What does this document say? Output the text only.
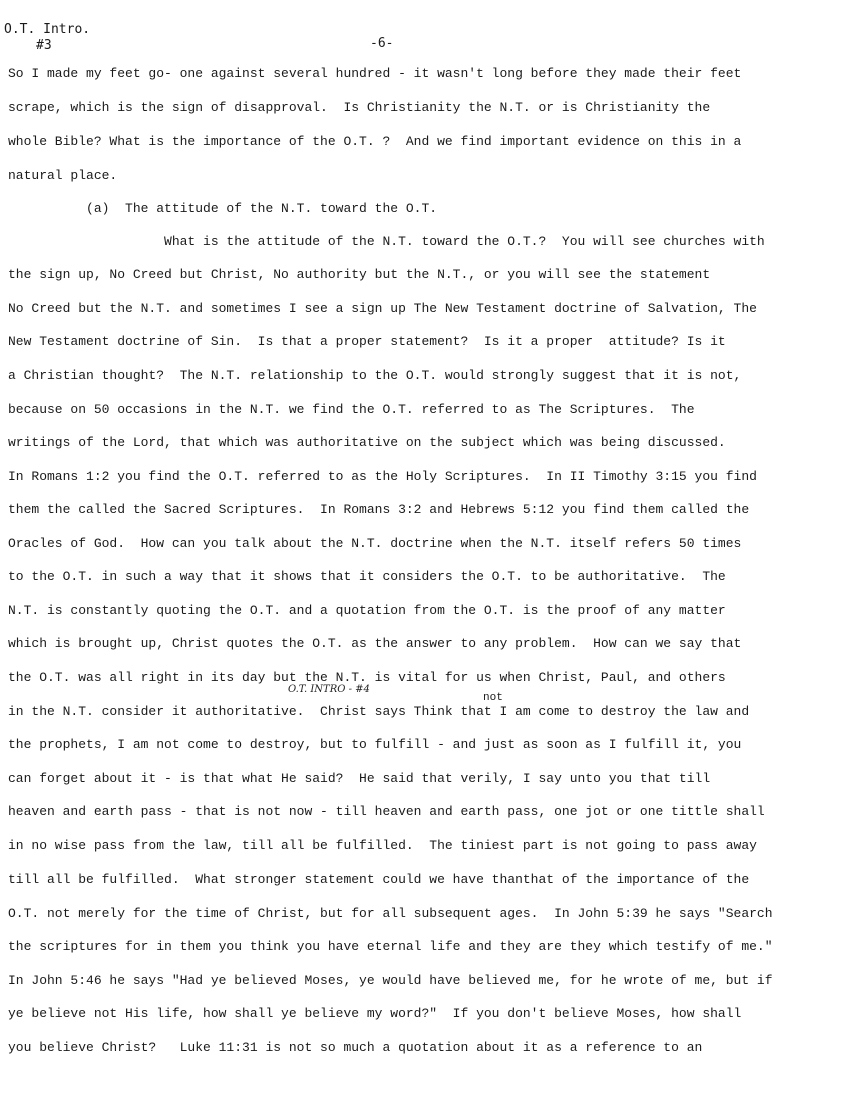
O.T. Intro.
#3	-6-
O.T. INTRO - #4
not
So I made my feet go- one against several hundred - it wasn't long before they made their feet
scrape, which is the sign of disapproval.  Is Christianity the N.T. or is Christianity the
whole Bible? What is the importance of the O.T. ?  And we find important evidence on this in a
natural place.
(a)  The attitude of the N.T. toward the O.T.
What is the attitude of the N.T. toward the O.T.?  You will see churches with
the sign up, No Creed but Christ, No authority but the N.T., or you will see the statement
No Creed but the N.T. and sometimes I see a sign up The New Testament doctrine of Salvation, The
New Testament doctrine of Sin.  Is that a proper statement?  Is it a proper  attitude? Is it
a Christian thought?  The N.T. relationship to the O.T. would strongly suggest that it is not,
because on 50 occasions in the N.T. we find the O.T. referred to as The Scriptures.  The
writings of the Lord, that which was authoritative on the subject which was being discussed.
In Romans 1:2 you find the O.T. referred to as the Holy Scriptures.  In II Timothy 3:15 you find
them the called the Sacred Scriptures.  In Romans 3:2 and Hebrews 5:12 you find them called the
Oracles of God.  How can you talk about the N.T. doctrine when the N.T. itself refers 50 times
to the O.T. in such a way that it shows that it considers the O.T. to be authoritative.  The
N.T. is constantly quoting the O.T. and a quotation from the O.T. is the proof of any matter
which is brought up, Christ quotes the O.T. as the answer to any problem.  How can we say that
the O.T. was all right in its day but the N.T. is vital for us when Christ, Paul, and others
in the N.T. consider it authoritative.  Christ says Think that I am come to destroy the law and
the prophets, I am not come to destroy, but to fulfill - and just as soon as I fulfill it, you
can forget about it - is that what He said?  He said that verily, I say unto you that till
heaven and earth pass - that is not now - till heaven and earth pass, one jot or one tittle shall
in no wise pass from the law, till all be fulfilled.  The tiniest part is not going to pass away
till all be fulfilled.  What stronger statement could we have thanthat of the importance of the
O.T. not merely for the time of Christ, but for all subsequent ages.  In John 5:39 he says "Search
the scriptures for in them you think you have eternal life and they are they which testify of me."
In John 5:46 he says "Had ye believed Moses, ye would have believed me, for he wrote of me, but if
ye believe not His life, how shall ye believe my word?"  If you don't believe Moses, how shall
you believe Christ?   Luke 11:31 is not so much a quotation about it as a reference to an
